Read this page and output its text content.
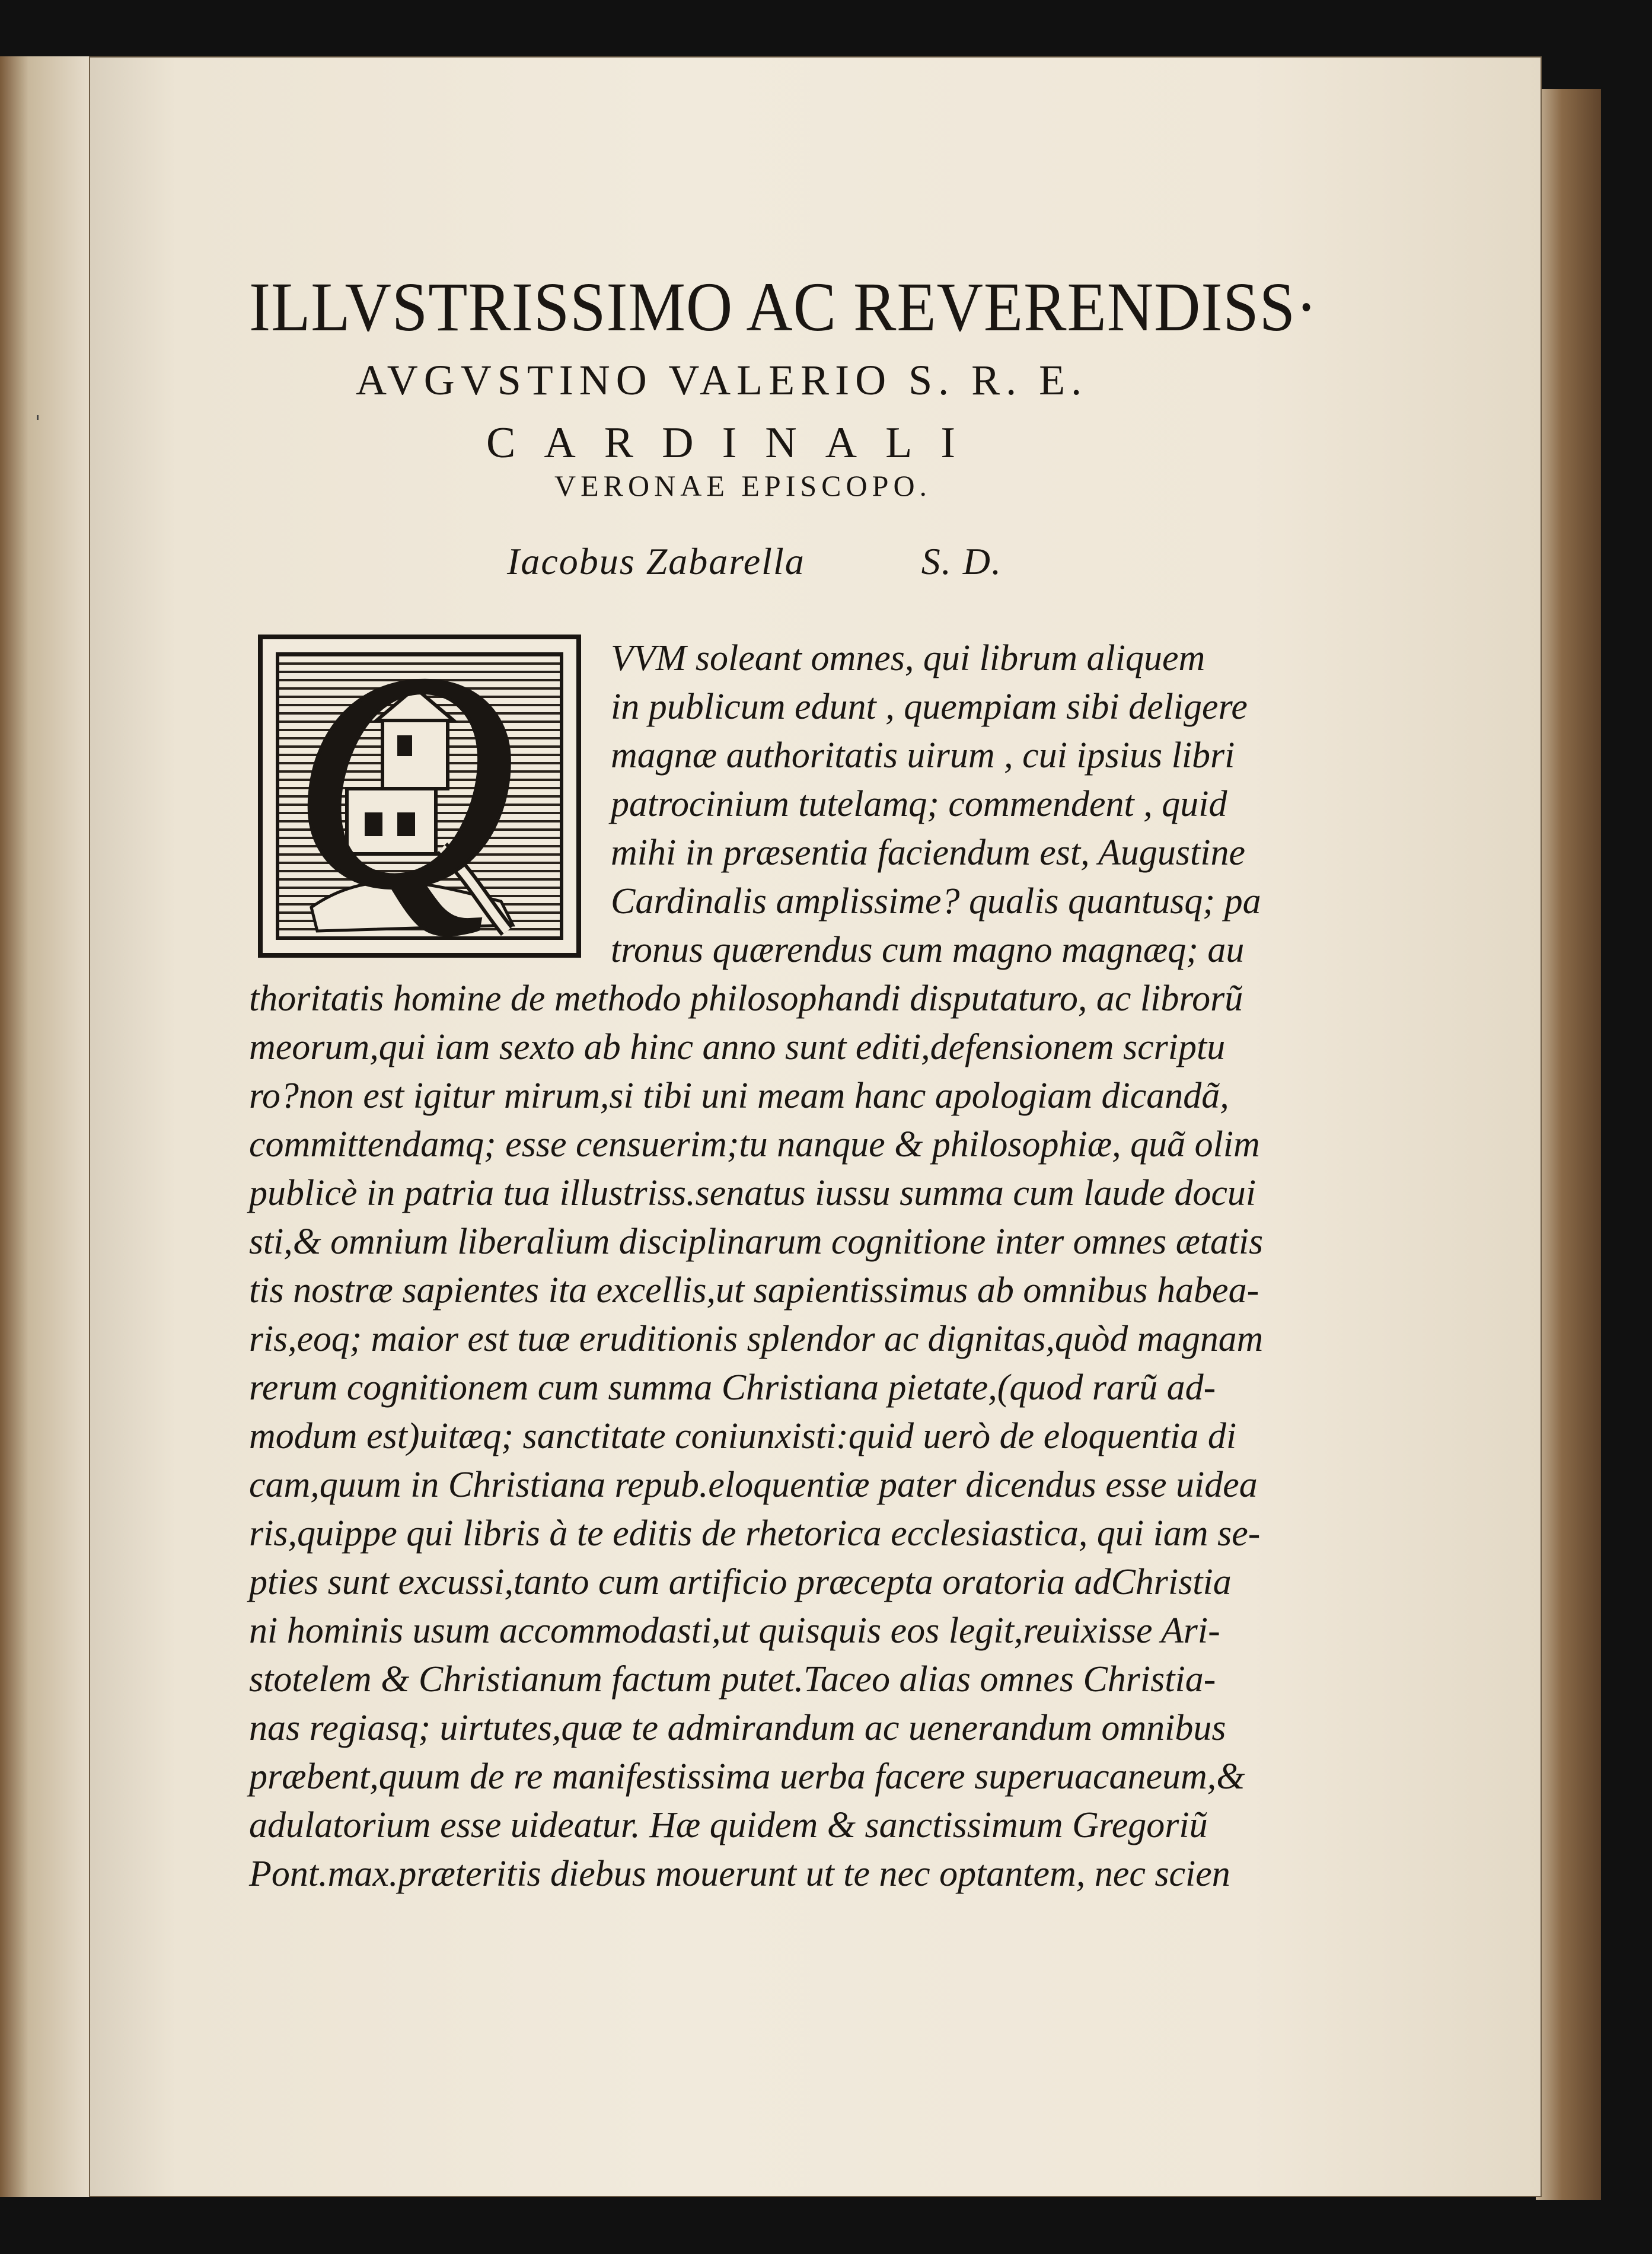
ILLVSTRISSIMO AC REVERENDISS·
AVGVSTINO VALERIO S. R. E.
CARDINALI
VERONAE EPISCOPO.
Iacobus Zabarella	S. D.
Q	VVM soleant omnes, qui librum aliquem
in publicum edunt , quempiam sibi deligere
magnæ authoritatis uirum , cui ipsius libri
patrocinium tutelamq; commendent , quid
mihi in præsentia faciendum est, Augustine
Cardinalis amplissime? qualis quantusq; pa
tronus quærendus cum magno magnæq; au
thoritatis homine de methodo philosophandi disputaturo, ac librorũ
meorum,qui iam sexto ab hinc anno sunt editi,defensionem scriptu
ro?non est igitur mirum,si tibi uni meam hanc apologiam dicandã,
committendamq; esse censuerim;tu nanque & philosophiæ, quã olim
publicè in patria tua illustriss.senatus iussu summa cum laude docui
sti,& omnium liberalium disciplinarum cognitione inter omnes ætatis
tis nostræ sapientes ita excellis,ut sapientissimus ab omnibus habea-
ris,eoq; maior est tuæ eruditionis splendor ac dignitas,quòd magnam
rerum cognitionem cum summa Christiana pietate,(quod rarũ ad-
modum est)uitæq; sanctitate coniunxisti:quid uerò de eloquentia di
cam,quum in Christiana repub.eloquentiæ pater dicendus esse uidea
ris,quippe qui libris à te editis de rhetorica ecclesiastica, qui iam se-
pties sunt excussi,tanto cum artificio præcepta oratoria adChristia
ni hominis usum accommodasti,ut quisquis eos legit,reuixisse Ari-
stotelem & Christianum factum putet.Taceo alias omnes Christia-
nas regiasq; uirtutes,quæ te admirandum ac uenerandum omnibus
præbent,quum de re manifestissima uerba facere superuacaneum,&
adulatorium esse uideatur. Hæ quidem & sanctissimum Gregoriũ
Pont.max.præteritis diebus mouerunt ut te nec optantem, nec scien
